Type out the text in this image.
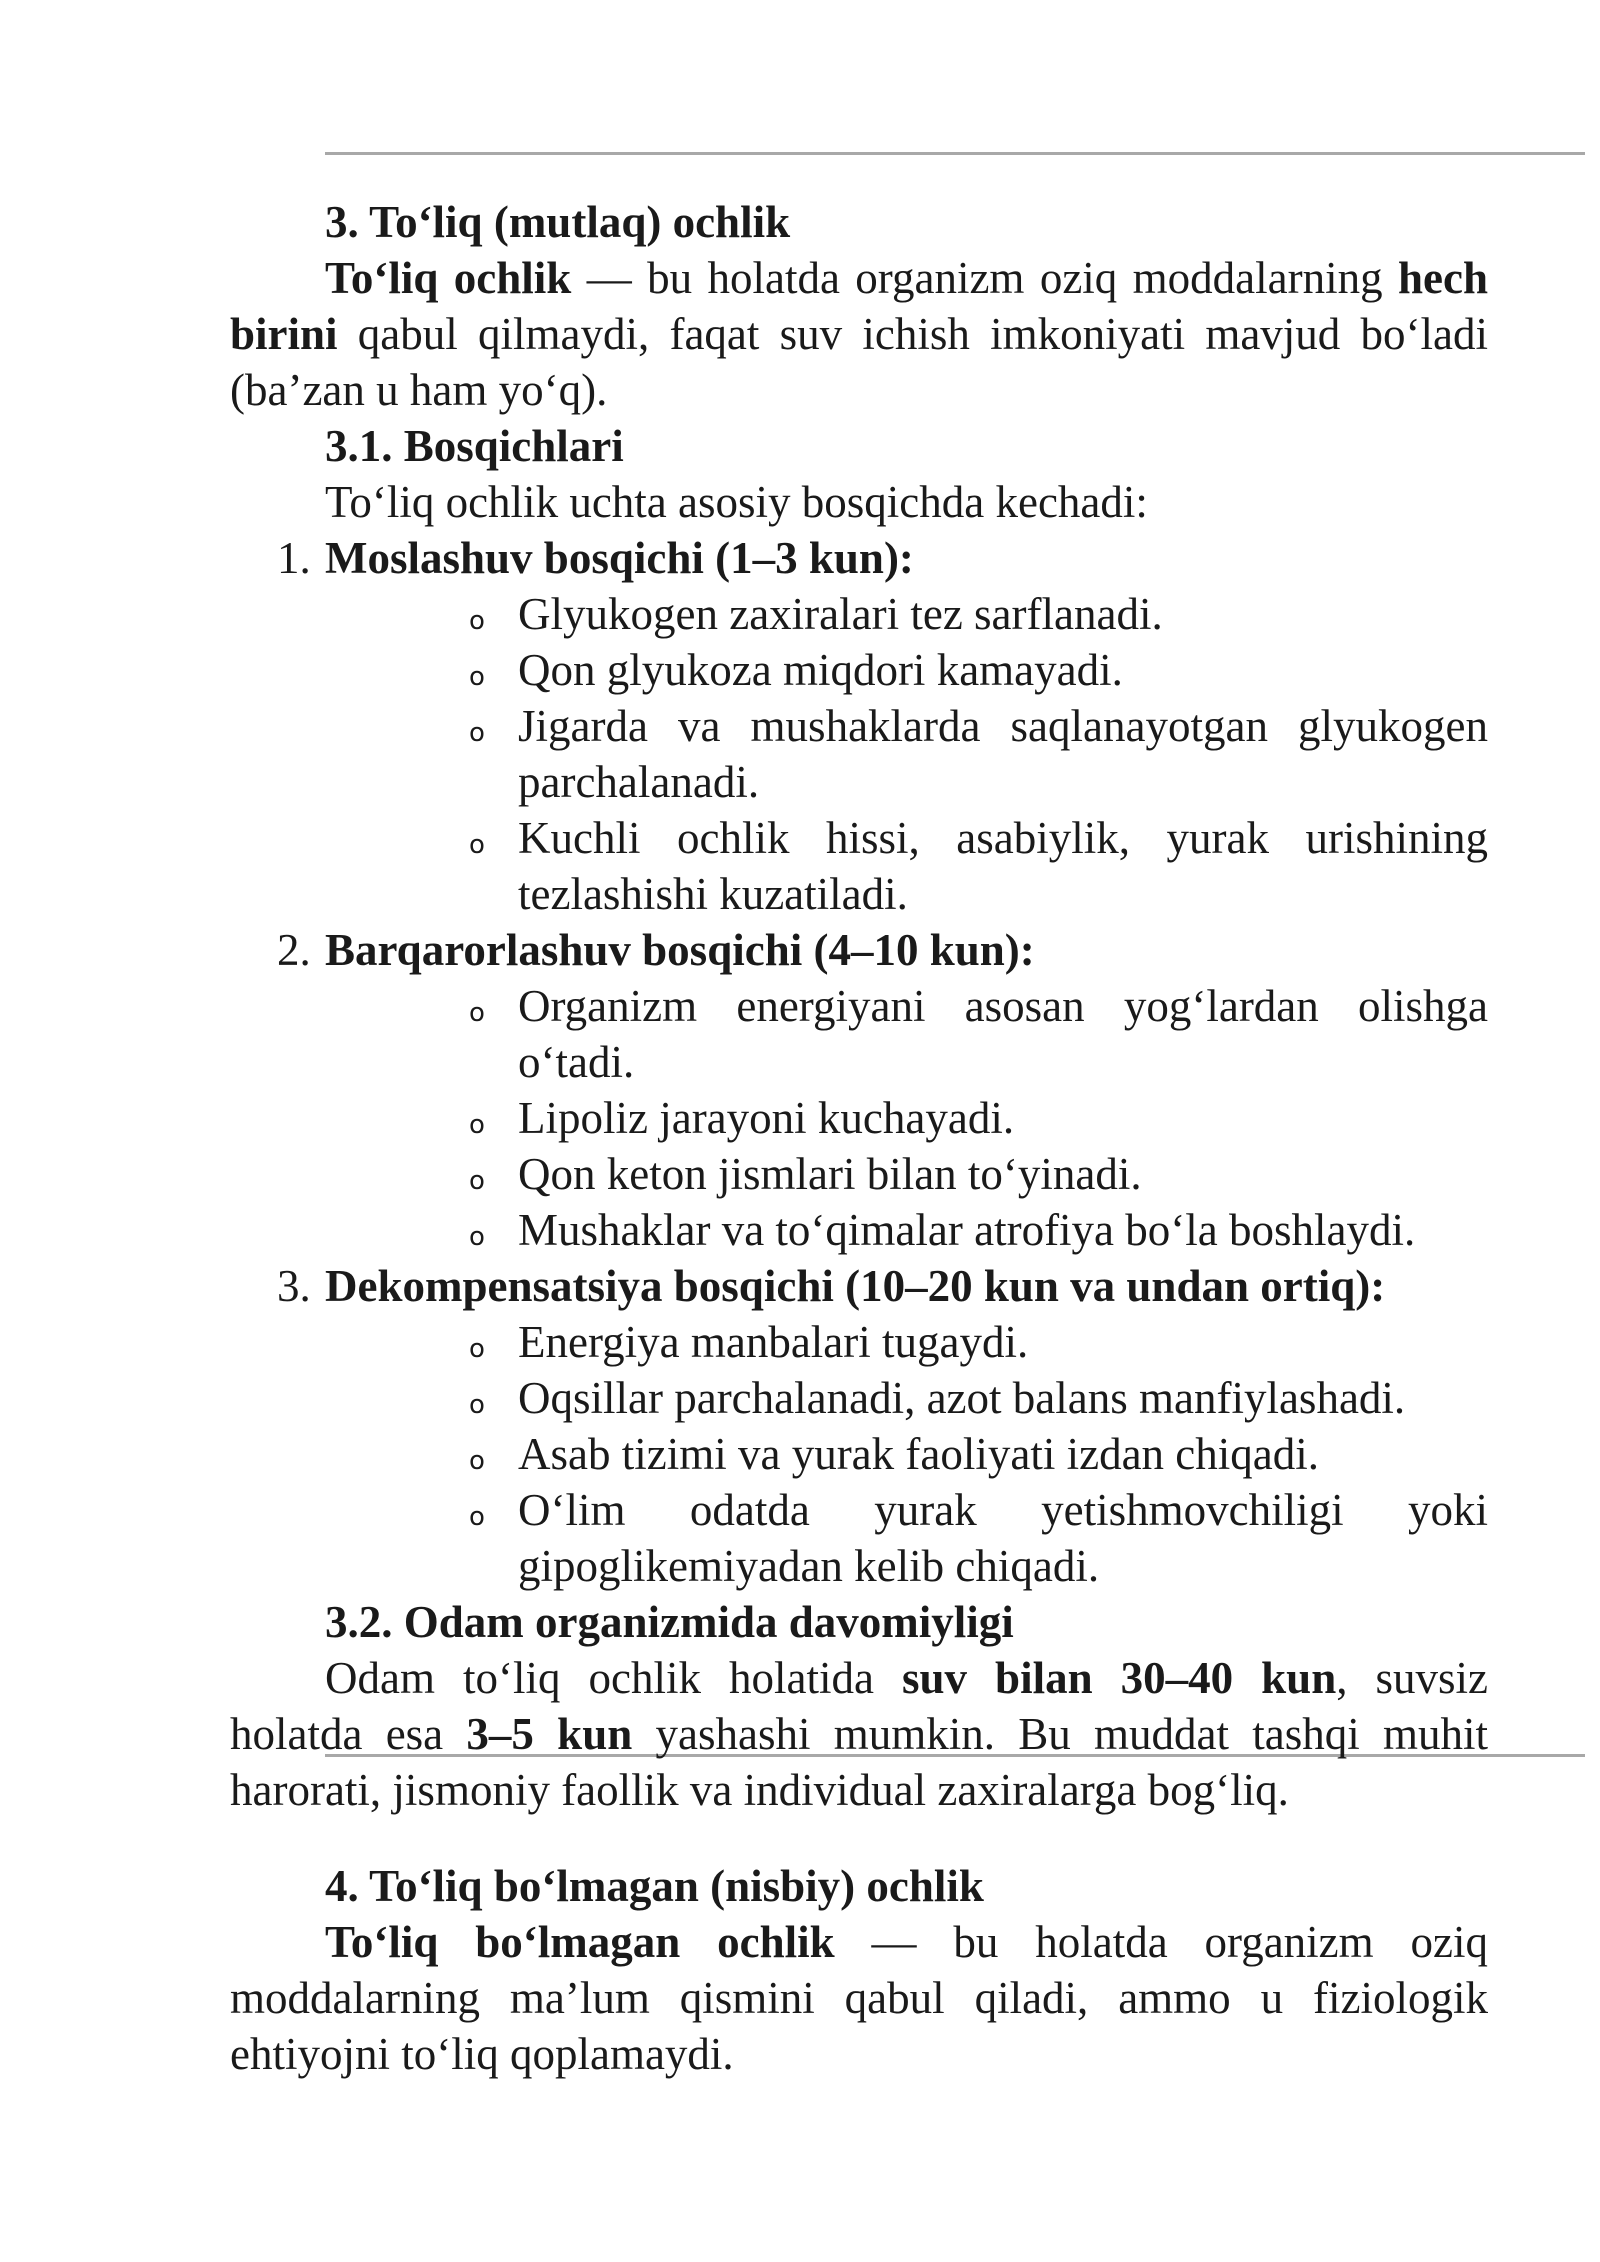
3. To‘liq (mutlaq) ochlik

To‘liq ochlik — bu holatda organizm oziq moddalarning hech birini qabul qilmaydi, faqat suv ichish imkoniyati mavjud bo‘ladi (ba’zan u ham yo‘q).

3.1. Bosqichlari

To‘liq ochlik uchta asosiy bosqichda kechadi:

1. Moslashuv bosqichi (1–3 kun):
o Glyukogen zaxiralari tez sarflanadi.
o Qon glyukoza miqdori kamayadi.
o Jigarda va mushaklarda saqlanayotgan glyukogen parchalanadi.
o Kuchli ochlik hissi, asabiylik, yurak urishining tezlashishi kuzatiladi.
2. Barqarorlashuv bosqichi (4–10 kun):
o Organizm energiyani asosan yog‘lardan olishga o‘tadi.
o Lipoliz jarayoni kuchayadi.
o Qon keton jismlari bilan to‘yinadi.
o Mushaklar va to‘qimalar atrofiya bo‘la boshlaydi.
3. Dekompensatsiya bosqichi (10–20 kun va undan ortiq):
o Energiya manbalari tugaydi.
o Oqsillar parchalanadi, azot balans manfiylashadi.
o Asab tizimi va yurak faoliyati izdan chiqadi.
o O‘lim odatda yurak yetishmovchiligi yoki gipoglikemiyadan kelib chiqadi.

3.2. Odam organizmida davomiyligi

Odam to‘liq ochlik holatida suv bilan 30–40 kun, suvsiz holatda esa 3–5 kun yashashi mumkin. Bu muddat tashqi muhit harorati, jismoniy faollik va individual zaxiralarga bog‘liq.

4. To‘liq bo‘lmagan (nisbiy) ochlik

To‘liq bo‘lmagan ochlik — bu holatda organizm oziq moddalarning ma’lum qismini qabul qiladi, ammo u fiziologik ehtiyojni to‘liq qoplamaydi.
